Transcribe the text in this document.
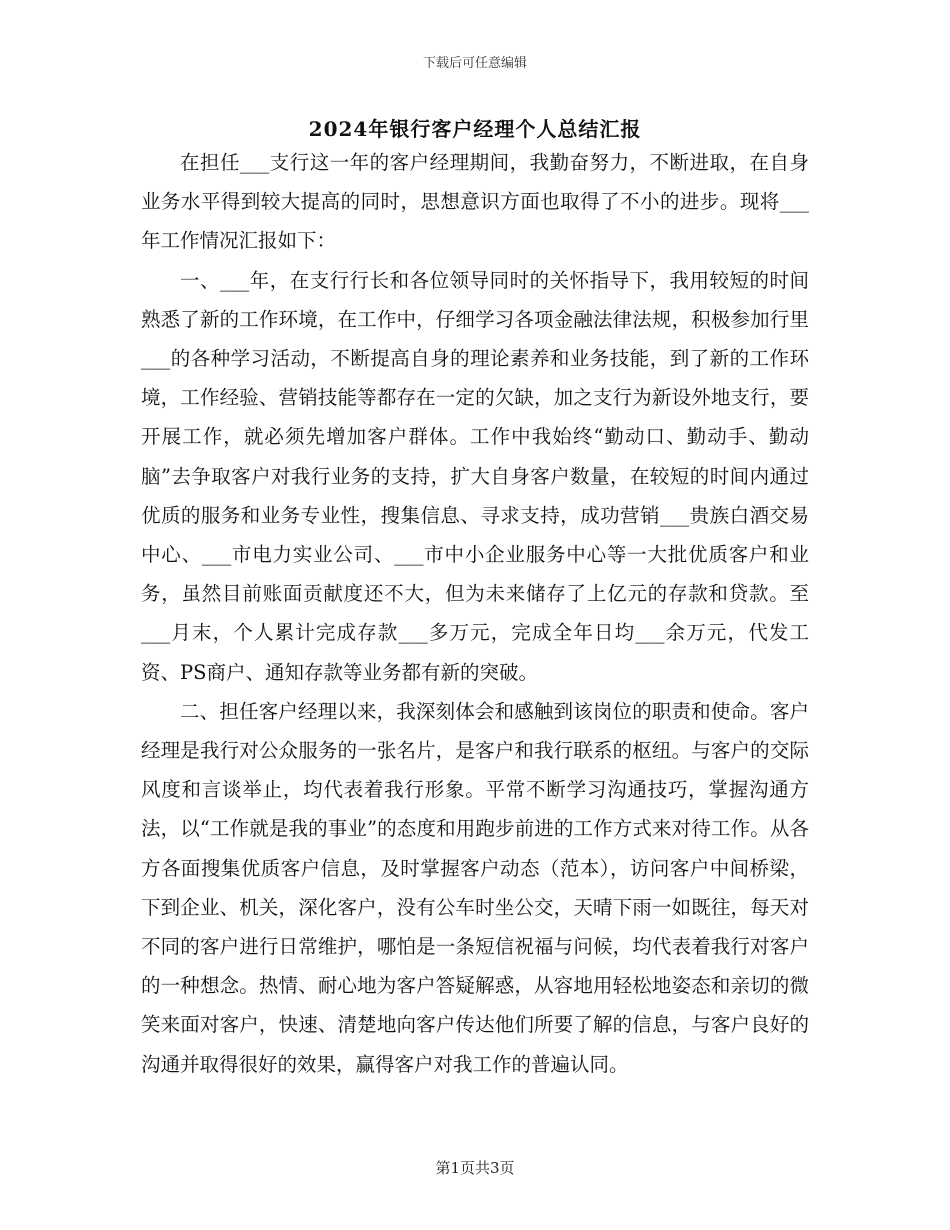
下载后可任意编辑
2024年银行客户经理个人总结汇报

在担任___支行这一年的客户经理期间，我勤奋努力，不断进取，在自身业务水平得到较大提高的同时，思想意识方面也取得了不小的进步。现将___年工作情况汇报如下：

一、___年，在支行行长和各位领导同时的关怀指导下，我用较短的时间熟悉了新的工作环境，在工作中，仔细学习各项金融法律法规，积极参加行里___的各种学习活动，不断提高自身的理论素养和业务技能，到了新的工作环境，工作经验、营销技能等都存在一定的欠缺，加之支行为新设外地支行，要开展工作，就必须先增加客户群体。工作中我始终“勤动口、勤动手、勤动脑”去争取客户对我行业务的支持，扩大自身客户数量，在较短的时间内通过优质的服务和业务专业性，搜集信息、寻求支持，成功营销___贵族白酒交易中心、___市电力实业公司、___市中小企业服务中心等一大批优质客户和业务，虽然目前账面贡献度还不大，但为未来储存了上亿元的存款和贷款。至___月末，个人累计完成存款___多万元，完成全年日均___余万元，代发工资、PS商户、通知存款等业务都有新的突破。

二、担任客户经理以来，我深刻体会和感触到该岗位的职责和使命。客户经理是我行对公众服务的一张名片，是客户和我行联系的枢纽。与客户的交际风度和言谈举止，均代表着我行形象。平常不断学习沟通技巧，掌握沟通方法，以“工作就是我的事业”的态度和用跑步前进的工作方式来对待工作。从各方各面搜集优质客户信息，及时掌握客户动态（范本），访问客户中间桥梁，下到企业、机关，深化客户，没有公车时坐公交，天晴下雨一如既往，每天对不同的客户进行日常维护，哪怕是一条短信祝福与问候，均代表着我行对客户的一种想念。热情、耐心地为客户答疑解惑，从容地用轻松地姿态和亲切的微笑来面对客户，快速、清楚地向客户传达他们所要了解的信息，与客户良好的沟通并取得很好的效果，赢得客户对我工作的普遍认同。

第1页共3页
